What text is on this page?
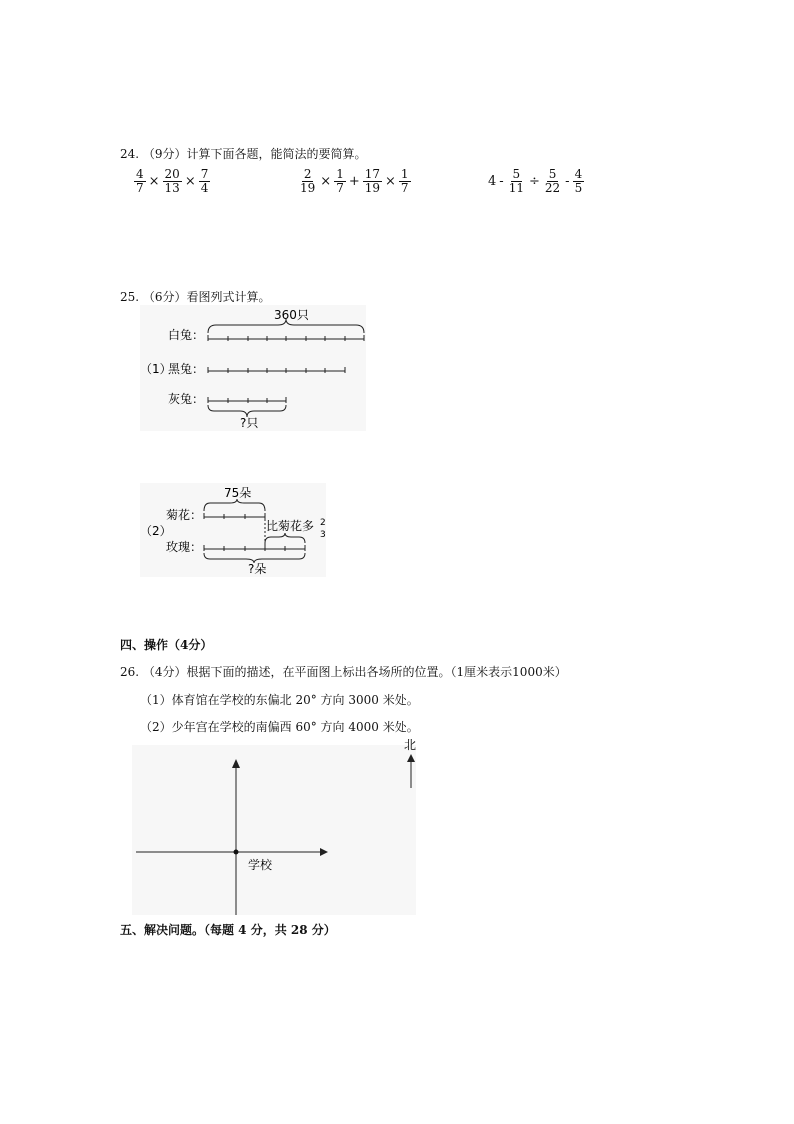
24. （9分）计算下面各题，能简法的要简算。
$\frac{4}{7} \times \frac{20}{13} \times \frac{7}{4}$	$\frac{2}{19} \times \frac{1}{7} + \frac{17}{19} \times \frac{1}{7}$	$4 - \frac{5}{11} \div \frac{5}{22} - \frac{4}{5}$
25. （6分）看图列式计算。
白兔：
（1）
黑兔：
灰兔：
360只
?只
75朵
菊花：
（2）
玫瑰：
比菊花多 2
3
?朵
四、操作（4分）
26. （4分）根据下面的描述，在平面图上标出各场所的位置。（1厘米表示1000米）
（1）体育馆在学校的东偏北 20° 方向 3000 米处。
（2）少年宫在学校的南偏西 60° 方向 4000 米处。
学校
北
五、解决问题。（每题 4 分，共 28 分）
